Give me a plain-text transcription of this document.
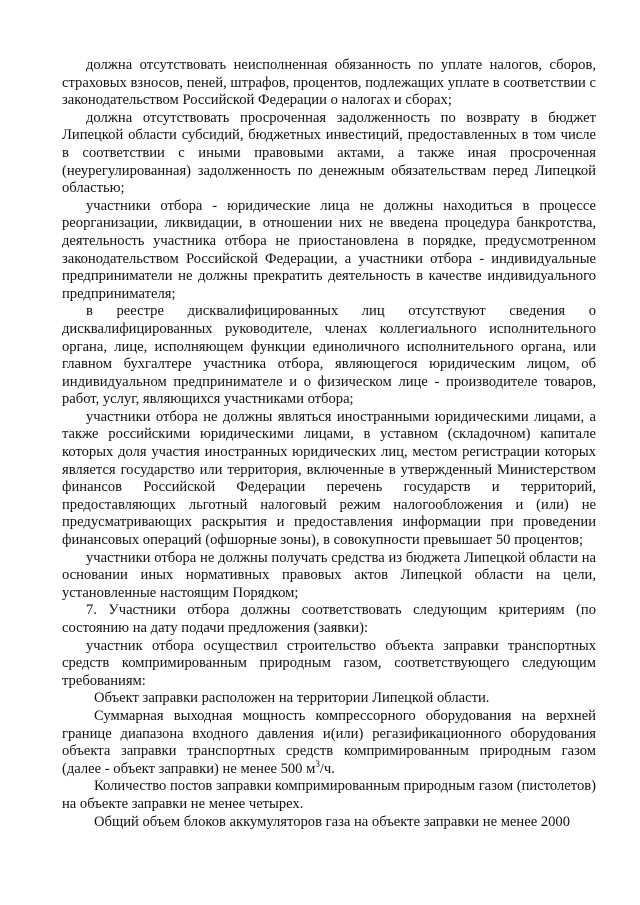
должна отсутствовать неисполненная обязанность по уплате налогов, сборов, страховых взносов, пеней, штрафов, процентов, подлежащих уплате в соответствии с законодательством Российской Федерации о налогах и сборах;

должна отсутствовать просроченная задолженность по возврату в бюджет Липецкой области субсидий, бюджетных инвестиций, предоставленных в том числе в соответствии с иными правовыми актами, а также иная просроченная (неурегулированная) задолженность по денежным обязательствам перед Липецкой областью;

участники отбора - юридические лица не должны находиться в процессе реорганизации, ликвидации, в отношении них не введена процедура банкротства, деятельность участника отбора не приостановлена в порядке, предусмотренном законодательством Российской Федерации, а участники отбора - индивидуальные предприниматели не должны прекратить деятельность в качестве индивидуального предпринимателя;

в реестре дисквалифицированных лиц отсутствуют сведения о дисквалифицированных руководителе, членах коллегиального исполнительного органа, лице, исполняющем функции единоличного исполнительного органа, или главном бухгалтере участника отбора, являющегося юридическим лицом, об индивидуальном предпринимателе и о физическом лице - производителе товаров, работ, услуг, являющихся участниками отбора;

участники отбора не должны являться иностранными юридическими лицами, а также российскими юридическими лицами, в уставном (складочном) капитале которых доля участия иностранных юридических лиц, местом регистрации которых является государство или территория, включенные в утвержденный Министерством финансов Российской Федерации перечень государств и территорий, предоставляющих льготный налоговый режим налогообложения и (или) не предусматривающих раскрытия и предоставления информации при проведении финансовых операций (офшорные зоны), в совокупности превышает 50 процентов;

участники отбора не должны получать средства из бюджета Липецкой области на основании иных нормативных правовых актов Липецкой области на цели, установленные настоящим Порядком;

7. Участники отбора должны соответствовать следующим критериям (по состоянию на дату подачи предложения (заявки):

участник отбора осуществил строительство объекта заправки транспортных средств компримированным природным газом, соответствующего следующим требованиям:

Объект заправки расположен на территории Липецкой области.

Суммарная выходная мощность компрессорного оборудования на верхней границе диапазона входного давления и(или) регазификационного оборудования объекта заправки транспортных средств компримированным природным газом (далее - объект заправки) не менее 500 $м^3/ч$.

Количество постов заправки компримированным природным газом (пистолетов) на объекте заправки не менее четырех.

Общий объем блоков аккумуляторов газа на объекте заправки не менее 2000
